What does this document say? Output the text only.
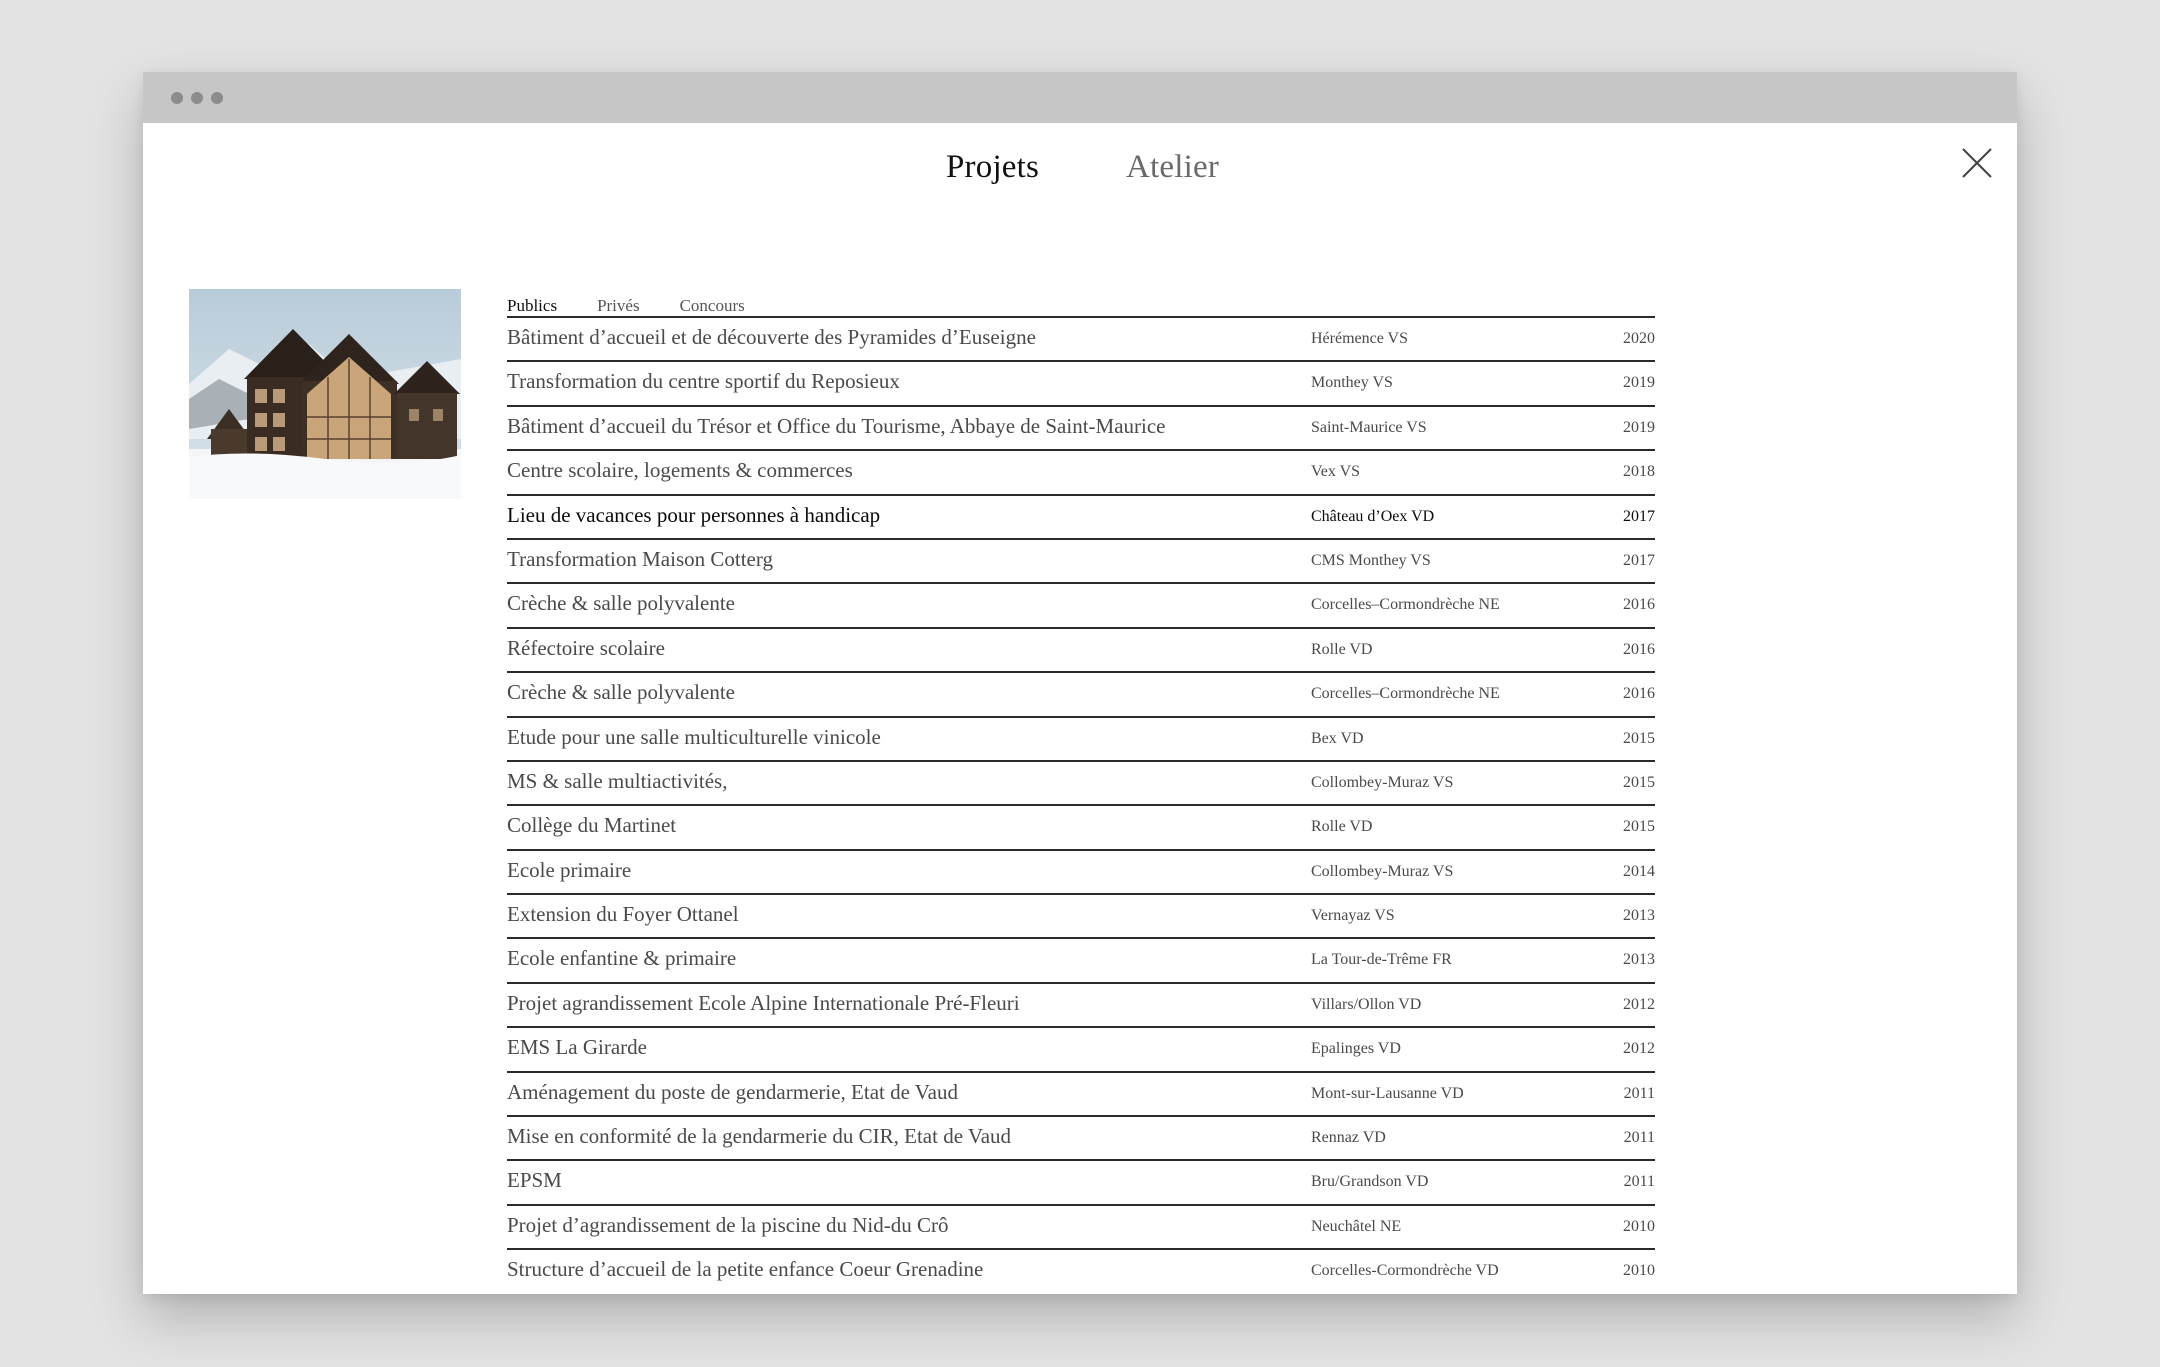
Projets	Atelier
Publics Privés Concours
Bâtiment d’accueil et de découverte des Pyramides d’Euseigne	Hérémence VS	2020
Transformation du centre sportif du Reposieux	Monthey VS	2019
Bâtiment d’accueil du Trésor et Office du Tourisme, Abbaye de Saint-Maurice	Saint-Maurice VS	2019
Centre scolaire, logements & commerces	Vex VS	2018
Lieu de vacances pour personnes à handicap	Château d’Oex VD	2017
Transformation Maison Cotterg	CMS Monthey VS	2017
Crèche & salle polyvalente	Corcelles–Cormondrèche NE	2016
Réfectoire scolaire	Rolle VD	2016
Crèche & salle polyvalente	Corcelles–Cormondrèche NE	2016
Etude pour une salle multiculturelle vinicole	Bex VD	2015
MS & salle multiactivités,	Collombey-Muraz VS	2015
Collège du Martinet	Rolle VD	2015
Ecole primaire	Collombey-Muraz VS	2014
Extension du Foyer Ottanel	Vernayaz VS	2013
Ecole enfantine & primaire	La Tour-de-Trême FR	2013
Projet agrandissement Ecole Alpine Internationale Pré-Fleuri	Villars/Ollon VD	2012
EMS La Girarde	Epalinges VD	2012
Aménagement du poste de gendarmerie, Etat de Vaud	Mont-sur-Lausanne VD	2011
Mise en conformité de la gendarmerie du CIR, Etat de Vaud	Rennaz VD	2011
EPSM	Bru/Grandson VD	2011
Projet d’agrandissement de la piscine du Nid-du Crô	Neuchâtel NE	2010
Structure d’accueil de la petite enfance Coeur Grenadine	Corcelles-Cormondrèche VD	2010
